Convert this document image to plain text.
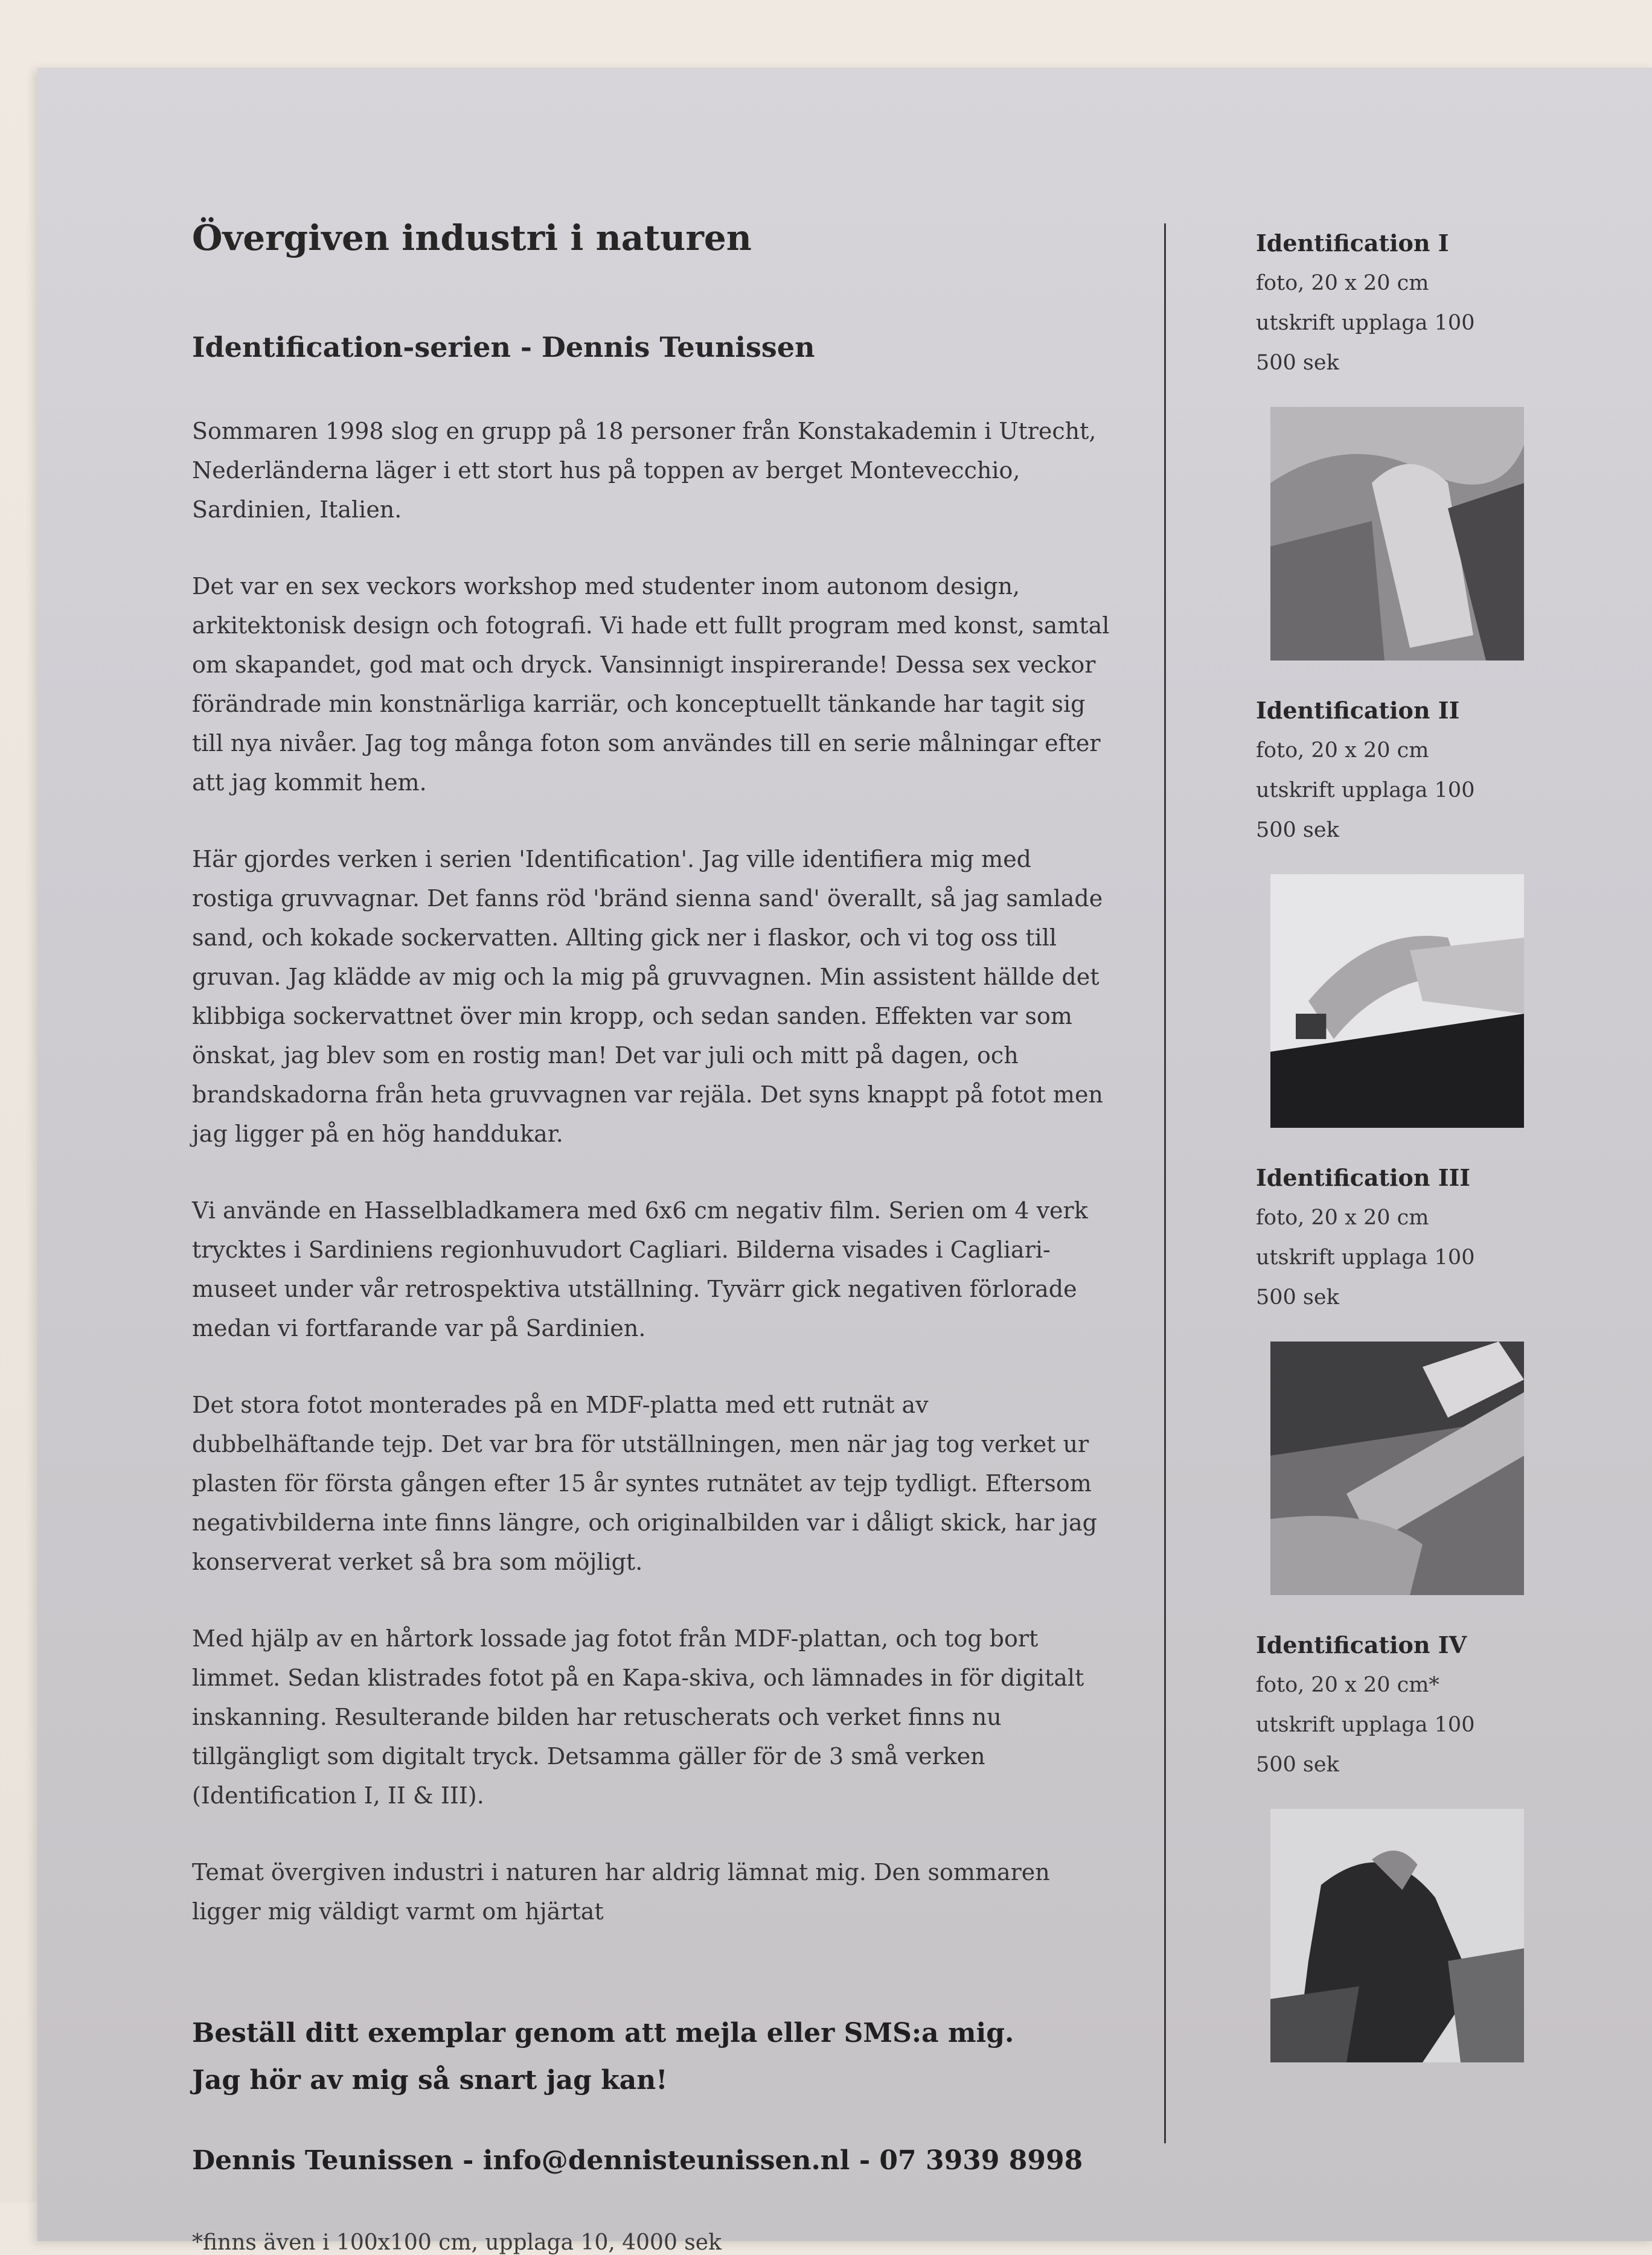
Övergiven industri i naturen
Identification-serien - Dennis Teunissen

Sommaren 1998 slog en grupp på 18 personer från Konstakademin i Utrecht, Nederländerna läger i ett stort hus på toppen av berget Montevecchio, Sardinien, Italien.

Det var en sex veckors workshop med studenter inom autonom design, arkitektonisk design och fotografi. Vi hade ett fullt program med konst, samtal om skapandet, god mat och dryck. Vansinnigt inspirerande! Dessa sex veckor förändrade min konstnärliga karriär, och konceptuellt tänkande har tagit sig till nya nivåer. Jag tog många foton som användes till en serie målningar efter att jag kommit hem.

Här gjordes verken i serien 'Identification'. Jag ville identifiera mig med rostiga gruvvagnar. Det fanns röd 'bränd sienna sand' överallt, så jag samlade sand, och kokade sockervatten. Allting gick ner i flaskor, och vi tog oss till gruvan. Jag klädde av mig och la mig på gruvvagnen. Min assistent hällde det klibbiga sockervattnet över min kropp, och sedan sanden. Effekten var som önskat, jag blev som en rostig man! Det var juli och mitt på dagen, och brandskadorna från heta gruvvagnen var rejäla. Det syns knappt på fotot men jag ligger på en hög handdukar.

Vi använde en Hasselbladkamera med 6x6 cm negativ film. Serien om 4 verk trycktes i Sardiniens regionhuvudort Cagliari. Bilderna visades i Cagliari-museet under vår retrospektiva utställning. Tyvärr gick negativen förlorade medan vi fortfarande var på Sardinien.

Det stora fotot monterades på en MDF-platta med ett rutnät av dubbelhäftande tejp. Det var bra för utställningen, men när jag tog verket ur plasten för första gången efter 15 år syntes rutnätet av tejp tydligt. Eftersom negativbilderna inte finns längre, och originalbilden var i dåligt skick, har jag konserverat verket så bra som möjligt.

Med hjälp av en hårtork lossade jag fotot från MDF-plattan, och tog bort limmet. Sedan klistrades fotot på en Kapa-skiva, och lämnades in för digitalt inskanning. Resulterande bilden har retuscherats och verket finns nu tillgängligt som digitalt tryck. Detsamma gäller för de 3 små verken (Identification I, II & III).

Temat övergiven industri i naturen har aldrig lämnat mig. Den sommaren ligger mig väldigt varmt om hjärtat

Beställ ditt exemplar genom att mejla eller SMS:a mig.
Jag hör av mig så snart jag kan!
Dennis Teunissen - info@dennisteunissen.nl - 07 3939 8998
*finns även i 100x100 cm, upplaga 10, 4000 sek
Identification I
foto, 20 x 20 cm
utskrift upplaga 100
500 sek
Identification II
foto, 20 x 20 cm
utskrift upplaga 100
500 sek
Identification III
foto, 20 x 20 cm
utskrift upplaga 100
500 sek
Identification IV
foto, 20 x 20 cm*
utskrift upplaga 100
500 sek
